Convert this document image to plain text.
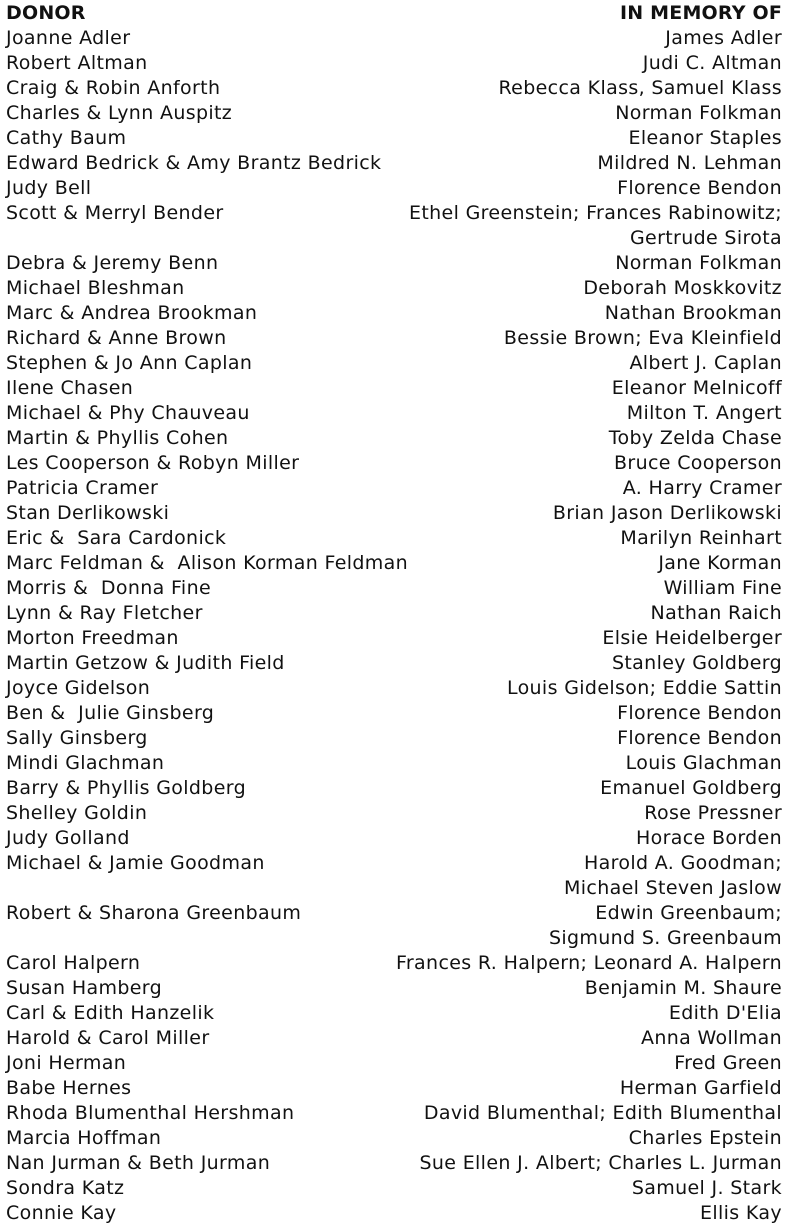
DONOR	IN MEMORY OF
Joanne Adler	James Adler
Robert Altman	Judi C. Altman
Craig & Robin Anforth	Rebecca Klass, Samuel Klass
Charles & Lynn Auspitz	Norman Folkman
Cathy Baum	Eleanor Staples
Edward Bedrick & Amy Brantz Bedrick	Mildred N. Lehman
Judy Bell	Florence Bendon
Scott & Merryl Bender	Ethel Greenstein; Frances Rabinowitz;
Gertrude Sirota
Debra & Jeremy Benn	Norman Folkman
Michael Bleshman	Deborah Moskkovitz
Marc & Andrea Brookman	Nathan Brookman
Richard & Anne Brown	Bessie Brown; Eva Kleinfield
Stephen & Jo Ann Caplan	Albert J. Caplan
Ilene Chasen	Eleanor Melnicoff
Michael & Phy Chauveau	Milton T. Angert
Martin & Phyllis Cohen	Toby Zelda Chase
Les Cooperson & Robyn Miller	Bruce Cooperson
Patricia Cramer	A. Harry Cramer
Stan Derlikowski	Brian Jason Derlikowski
Eric &  Sara Cardonick	Marilyn Reinhart
Marc Feldman &  Alison Korman Feldman	Jane Korman
Morris &  Donna Fine	William Fine
Lynn & Ray Fletcher	Nathan Raich
Morton Freedman	Elsie Heidelberger
Martin Getzow & Judith Field	Stanley Goldberg
Joyce Gidelson	Louis Gidelson; Eddie Sattin
Ben &  Julie Ginsberg	Florence Bendon
Sally Ginsberg	Florence Bendon
Mindi Glachman	Louis Glachman
Barry & Phyllis Goldberg	Emanuel Goldberg
Shelley Goldin	Rose Pressner
Judy Golland	Horace Borden
Michael & Jamie Goodman	Harold A. Goodman;
Michael Steven Jaslow
Robert & Sharona Greenbaum	Edwin Greenbaum;
Sigmund S. Greenbaum
Carol Halpern	Frances R. Halpern; Leonard A. Halpern
Susan Hamberg	Benjamin M. Shaure
Carl & Edith Hanzelik	Edith D'Elia
Harold & Carol Miller	Anna Wollman
Joni Herman	Fred Green
Babe Hernes	Herman Garfield
Rhoda Blumenthal Hershman	David Blumenthal; Edith Blumenthal
Marcia Hoffman	Charles Epstein
Nan Jurman & Beth Jurman	Sue Ellen J. Albert; Charles L. Jurman
Sondra Katz	Samuel J. Stark
Connie Kay	Ellis Kay
